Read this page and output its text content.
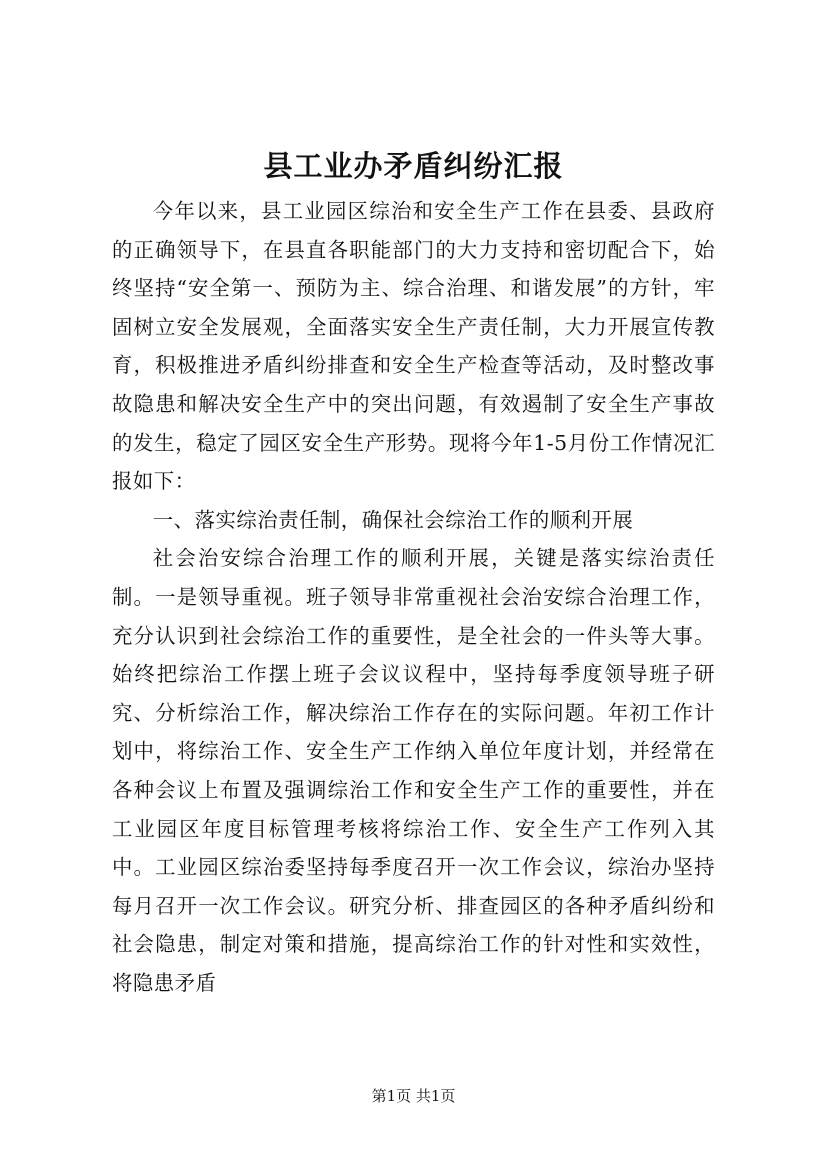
县工业办矛盾纠纷汇报

今年以来，县工业园区综治和安全生产工作在县委、县政府的正确领导下，在县直各职能部门的大力支持和密切配合下，始终坚持“安全第一、预防为主、综合治理、和谐发展”的方针，牢固树立安全发展观，全面落实安全生产责任制，大力开展宣传教育，积极推进矛盾纠纷排查和安全生产检查等活动，及时整改事故隐患和解决安全生产中的突出问题，有效遏制了安全生产事故的发生，稳定了园区安全生产形势。现将今年1-5月份工作情况汇报如下：

一、落实综治责任制，确保社会综治工作的顺利开展

社会治安综合治理工作的顺利开展，关键是落实综治责任制。一是领导重视。班子领导非常重视社会治安综合治理工作，充分认识到社会综治工作的重要性，是全社会的一件头等大事。始终把综治工作摆上班子会议议程中，坚持每季度领导班子研究、分析综治工作，解决综治工作存在的实际问题。年初工作计划中，将综治工作、安全生产工作纳入单位年度计划，并经常在各种会议上布置及强调综治工作和安全生产工作的重要性，并在工业园区年度目标管理考核将综治工作、安全生产工作列入其中。工业园区综治委坚持每季度召开一次工作会议，综治办坚持每月召开一次工作会议。研究分析、排查园区的各种矛盾纠纷和社会隐患，制定对策和措施，提高综治工作的针对性和实效性，将隐患矛盾

第1页 共1页
